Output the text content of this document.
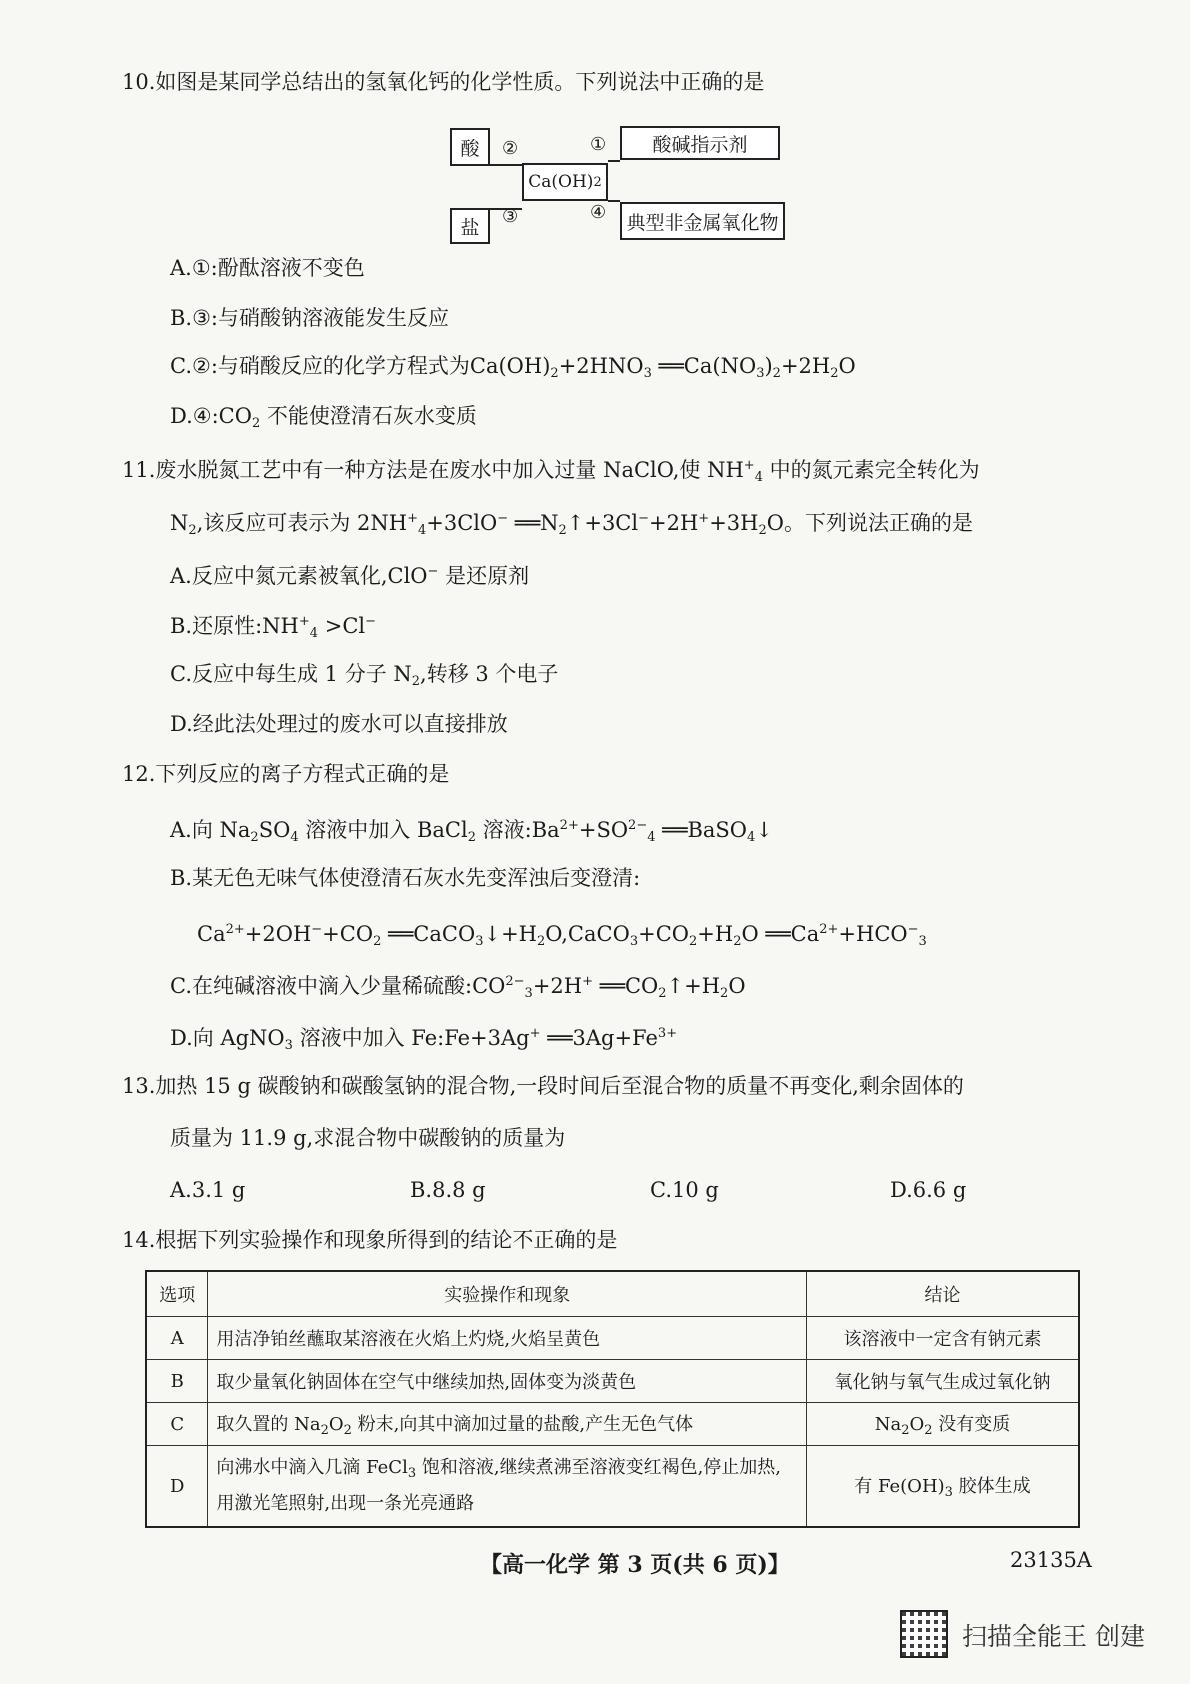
10.如图是某同学总结出的氢氧化钙的化学性质。下列说法中正确的是
酸	酸碱指示剂
Ca(OH) 2
盐	典型非金属氧化物
②	①
③	④
A.①:酚酞溶液不变色
B.③:与硝酸钠溶液能发生反应
C.②:与硝酸反应的化学方程式为$Ca(OH)_2+2HNO_3$ $══Ca(NO_3)_2+2H_2O$
$D.④:CO_2$ 不能使澄清石灰水变质
11.废水脱氮工艺中有一种方法是在废水中加入过量 NaClO,使 $NH^+_4$ 中的氮元素完全转化为
$N_2$,该反应可表示为 $2NH^+_4+3ClO^-$ $══N_2↑+3Cl^-+2H^++3H_2O$。下列说法正确的是
A.反应中氮元素被氧化,ClO− 是还原剂
B.还原性$:NH^+_4 >Cl^-$
C.反应中每生成 1 分子 $N_2$,转移 3 个电子
D.经此法处理过的废水可以直接排放
12.下列反应的离子方程式正确的是
A.向 $Na_2SO_4$ 溶液中加入 BaCl$_2$ 溶液$:Ba^{2+}+SO^{2-}_4$ ══BaSO$_4$↓
B.某无色无味气体使澄清石灰水先变浑浊后变澄清:
$Ca^{2+}+2OH^-+CO_2$ $══CaCO_3↓+H_2O,CaCO_3+CO_2+H_2O$ $══Ca^{2+}+HCO^-_3$
C.在纯碱溶液中滴入少量稀硫酸$:CO^{2-}_3+2H^+$ $══CO_2↑+H_2O$
D.向 AgNO$_3$ 溶液中加入 Fe:Fe+3Ag+ $══3Ag+Fe^{3+}$
13.加热 15 g 碳酸钠和碳酸氢钠的混合物,一段时间后至混合物的质量不再变化,剩余固体的
质量为 11.9 g,求混合物中碳酸钠的质量为
A.3.1 g	B.8.8 g	C.10 g	D.6.6 g
14.根据下列实验操作和现象所得到的结论不正确的是
选项	实验操作和现象	结论
A	用洁净铂丝蘸取某溶液在火焰上灼烧,火焰呈黄色	该溶液中一定含有钠元素
B	取少量氧化钠固体在空气中继续加热,固体变为淡黄色	氧化钠与氧气生成过氧化钠
C	取久置的 $Na_2O_2$ 粉末,向其中滴加过量的盐酸,产生无色气体	$Na_2O_2$ 没有变质
D	向沸水中滴入几滴 FeCl$_3$ 饱和溶液,继续煮沸至溶液变红褐色,停止加热,用激光笔照射,出现一条光亮通路	有 $Fe(OH)_3$ 胶体生成
【高一化学 第 3 页(共 6 页)】	23135A
扫描全能王 创建
